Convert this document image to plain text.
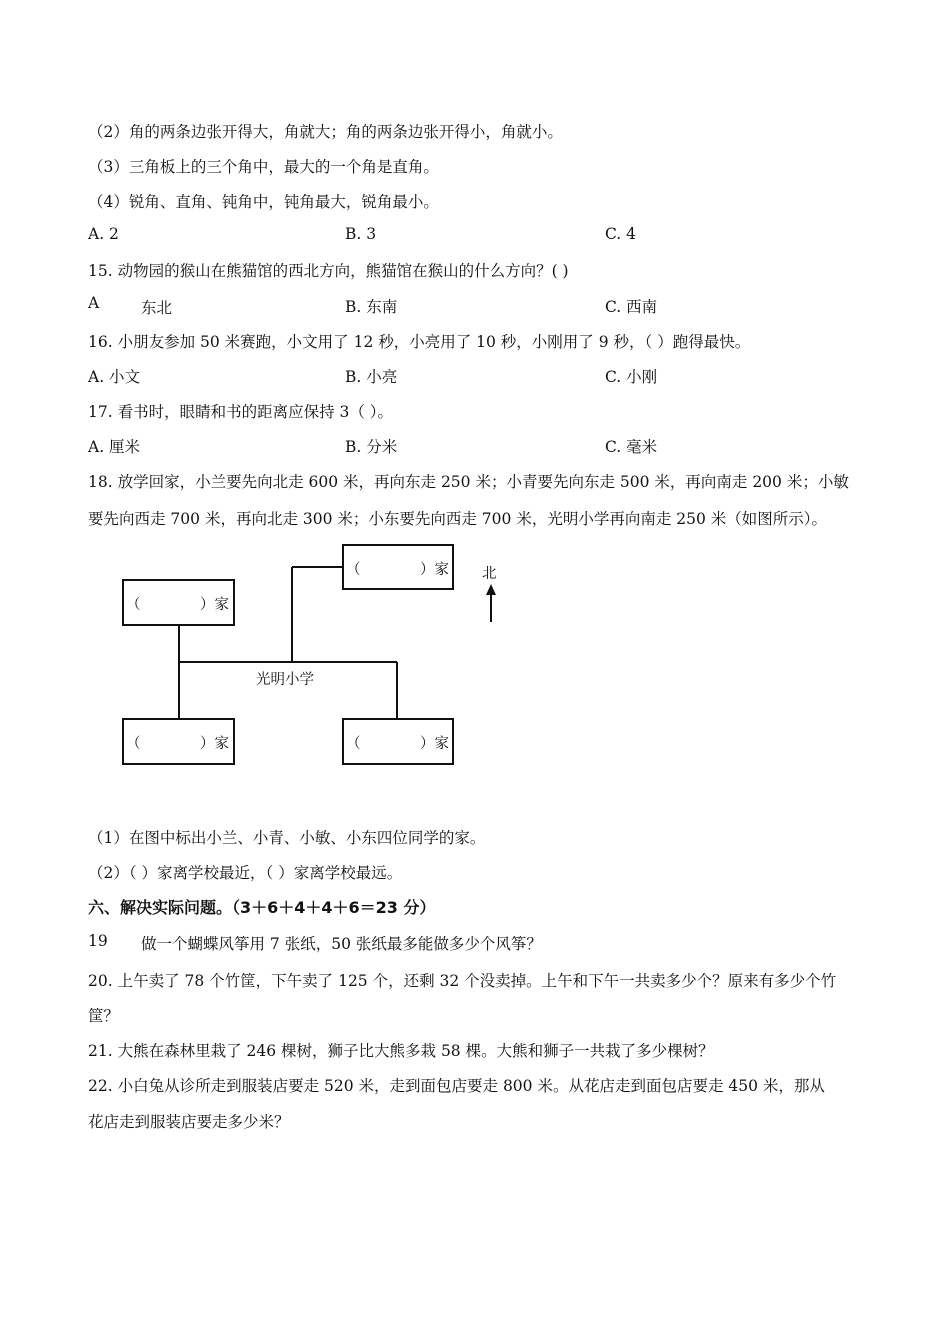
（2）角的两条边张开得大，角就大；角的两条边张开得小，角就小。
（3）三角板上的三个角中，最大的一个角是直角。
（4）锐角、直角、钝角中，钝角最大，锐角最小。
A. 2	B. 3	C. 4
15. 动物园的猴山在熊猫馆的西北方向，熊猫馆在猴山的什么方向？( )
A	东北	B. 东南	C. 西南
16. 小朋友参加 50 米赛跑，小文用了 12 秒，小亮用了 10 秒，小刚用了 9 秒，（ ）跑得最快。
A. 小文	B. 小亮	C. 小刚
17. 看书时，眼睛和书的距离应保持 3（ ）。
A. 厘米	B. 分米	C. 毫米
18. 放学回家，小兰要先向北走 600 米，再向东走 250 米；小青要先向东走 500 米，再向南走 200 米；小敏
要先向西走 700 米，再向北走 300 米；小东要先向西走 700 米，光明小学再向南走 250 米（如图所示）。
（	）家
（	）家
（	）家	（	）家
光明小学
北
（1）在图中标出小兰、小青、小敏、小东四位同学的家。
（2）（ ）家离学校最近，（ ）家离学校最远。
六、解决实际问题。（3＋6＋4＋4＋6＝23 分）
19 做一个蝴蝶风筝用 7 张纸，50 张纸最多能做多少个风筝？
20. 上午卖了 78 个竹筐，下午卖了 125 个，还剩 32 个没卖掉。上午和下午一共卖多少个？原来有多少个竹
筐？
21. 大熊在森林里栽了 246 棵树，狮子比大熊多栽 58 棵。大熊和狮子一共栽了多少棵树？
22. 小白兔从诊所走到服装店要走 520 米，走到面包店要走 800 米。从花店走到面包店要走 450 米，那从
花店走到服装店要走多少米？
